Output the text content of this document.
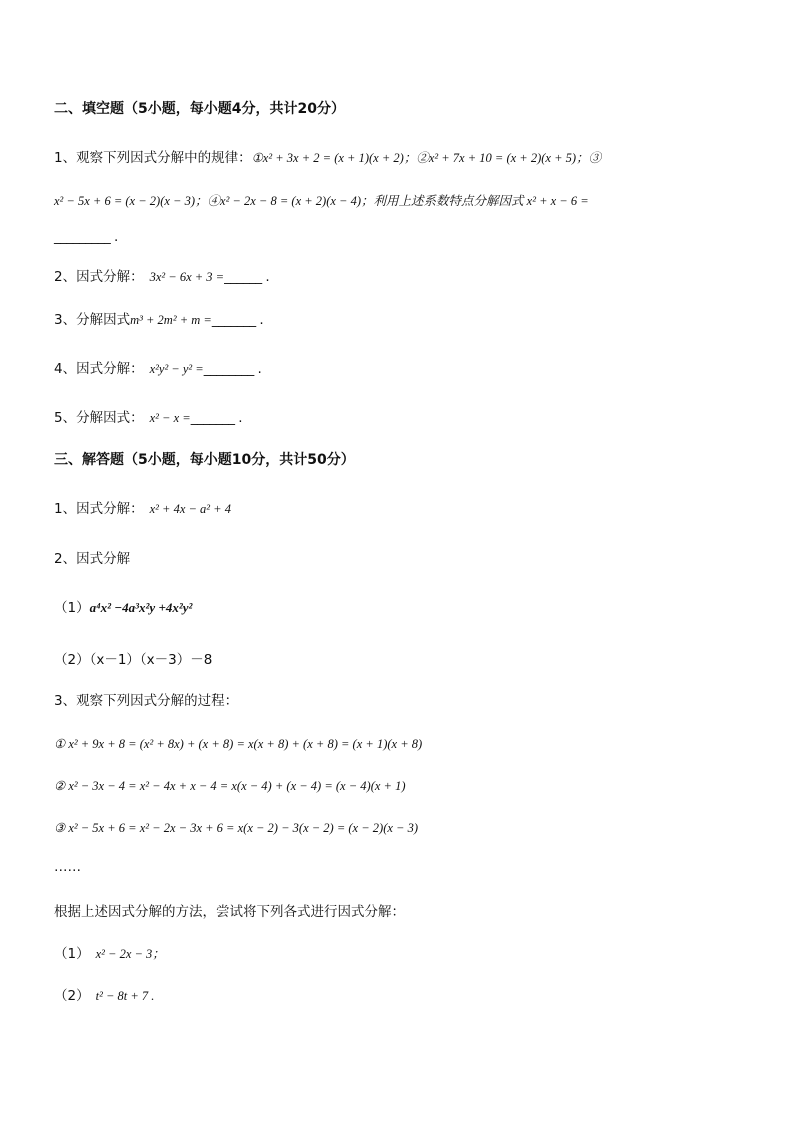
二、填空题（5小题，每小题4分，共计20分）
1、观察下列因式分解中的规律：①x² + 3x + 2 = (x + 1)(x + 2)；②x² + 7x + 10 = (x + 2)(x + 5)；③
x² − 5x + 6 = (x − 2)(x − 3)；④x² − 2x − 8 = (x + 2)(x − 4)；利用上述系数特点分解因式 x² + x − 6 =
_________ .
2、因式分解： 3x² − 6x + 3 =______ .
3、分解因式m³ + 2m² + m =_______ .
4、因式分解： x²y² − y² =________ .
5、分解因式： x² − x =_______ .
三、解答题（5小题，每小题10分，共计50分）
1、因式分解： x² + 4x − a² + 4
2、因式分解
（1）a⁴x² −4a³x²y +4x²y²
（2）（x－1）（x－3）－8
3、观察下列因式分解的过程：
① x² + 9x + 8 = (x² + 8x) + (x + 8) = x(x + 8) + (x + 8) = (x + 1)(x + 8)
② x² − 3x − 4 = x² − 4x + x − 4 = x(x − 4) + (x − 4) = (x − 4)(x + 1)
③ x² − 5x + 6 = x² − 2x − 3x + 6 = x(x − 2) − 3(x − 2) = (x − 2)(x − 3)
……
根据上述因式分解的方法，尝试将下列各式进行因式分解：
（1） x² − 2x − 3；
（2） t² − 8t + 7 .
